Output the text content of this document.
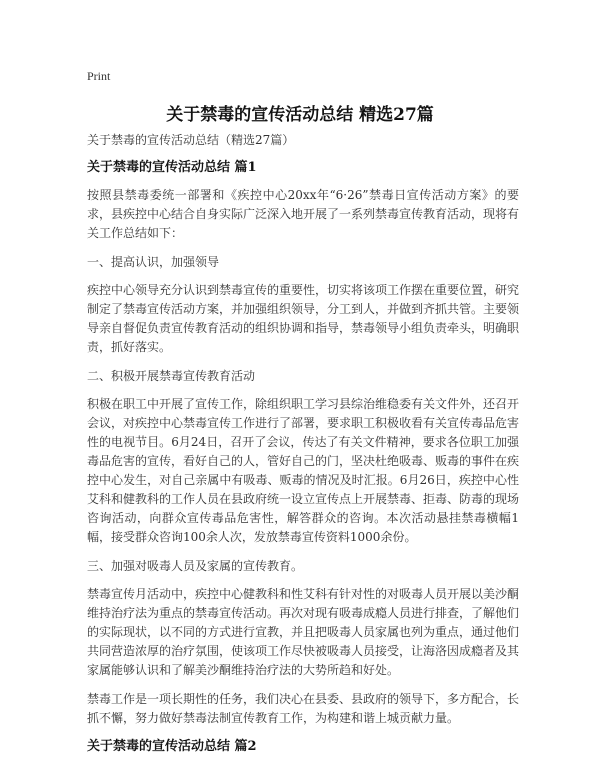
Print
关于禁毒的宣传活动总结 精选27篇

关于禁毒的宣传活动总结（精选27篇）

关于禁毒的宣传活动总结 篇1

按照县禁毒委统一部署和《疾控中心20xx年“6·26”禁毒日宣传活动方案》的要求，县疾控中心结合自身实际广泛深入地开展了一系列禁毒宣传教育活动，现将有关工作总结如下：

一、提高认识，加强领导

疾控中心领导充分认识到禁毒宣传的重要性，切实将该项工作摆在重要位置，研究制定了禁毒宣传活动方案，并加强组织领导，分工到人，并做到齐抓共管。主要领导亲自督促负责宣传教育活动的组织协调和指导，禁毒领导小组负责牵头，明确职责，抓好落实。

二、积极开展禁毒宣传教育活动

积极在职工中开展了宣传工作，除组织职工学习县综治维稳委有关文件外，还召开会议，对疾控中心禁毒宣传工作进行了部署，要求职工积极收看有关宣传毒品危害性的电视节目。6月24日，召开了会议，传达了有关文件精神，要求各位职工加强毒品危害的宣传，看好自己的人，管好自己的门，坚决杜绝吸毒、贩毒的事件在疾控中心发生，对自己亲属中有吸毒、贩毒的情况及时汇报。6月26日，疾控中心性艾科和健教科的工作人员在县政府统一设立宣传点上开展禁毒、拒毒、防毒的现场咨询活动，向群众宣传毒品危害性，解答群众的咨询。本次活动悬挂禁毒横幅1幅，接受群众咨询100余人次，发放禁毒宣传资料1000余份。

三、加强对吸毒人员及家属的宣传教育。

禁毒宣传月活动中，疾控中心健教科和性艾科有针对性的对吸毒人员开展以美沙酮维持治疗法为重点的禁毒宣传活动。再次对现有吸毒成瘾人员进行排查，了解他们的实际现状，以不同的方式进行宣教，并且把吸毒人员家属也列为重点，通过他们共同营造浓厚的治疗氛围，使该项工作尽快被吸毒人员接受，让海洛因成瘾者及其家属能够认识和了解美沙酮维持治疗法的大势所趋和好处。

禁毒工作是一项长期性的任务，我们决心在县委、县政府的领导下，多方配合，长抓不懈，努力做好禁毒法制宣传教育工作，为构建和谐上城贡献力量。

关于禁毒的宣传活动总结 篇2
